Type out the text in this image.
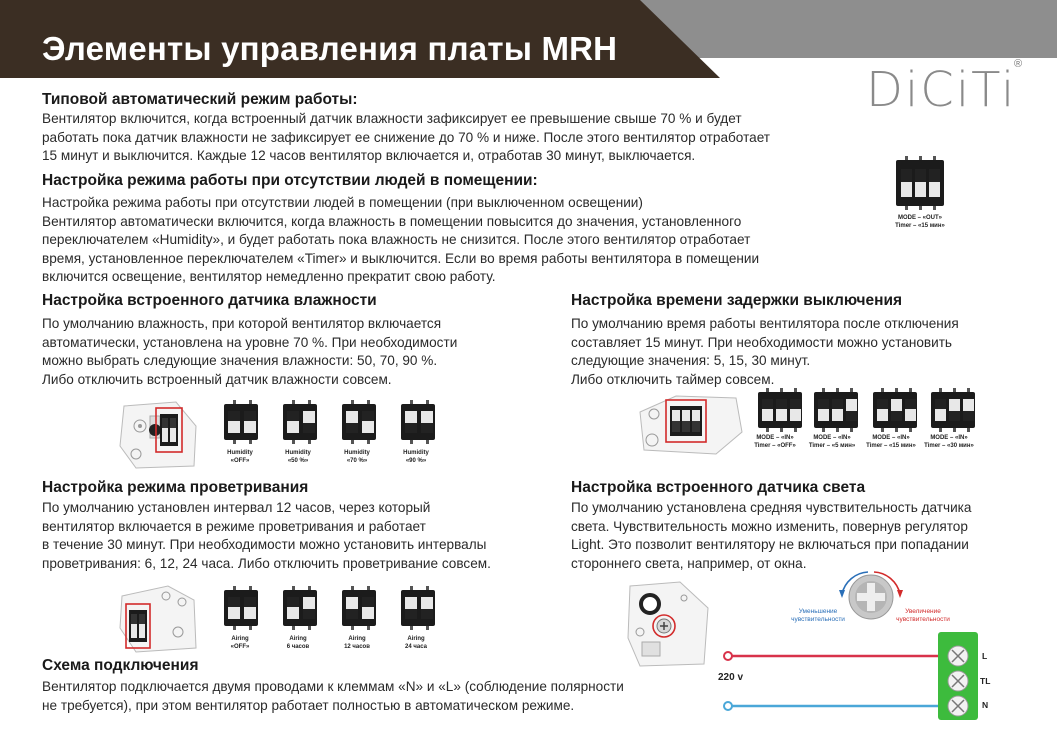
Элементы управления платы MRH
DiCiTi
®
Типовой автоматический режим работы:
Вентилятор включится, когда встроенный датчик влажности зафиксирует ее превышение свыше 70 % и будет
работать пока датчик влажности не зафиксирует ее снижение до 70 % и ниже. После этого вентилятор отработает
15 минут и выключится. Каждые 12 часов вентилятор включается и, отработав 30 минут, выключается.
Настройка режима работы при отсутствии людей в помещении:
Настройка режима работы при отсутствии людей в помещении (при выключенном освещении)
Вентилятор автоматически включится, когда влажность в помещении повысится до значения, установленного
переключателем «Humidity», и будет работать пока влажность не снизится. После этого вентилятор отработает
время, установленное переключателем «Timer» и выключится. Если во время работы вентилятора в помещении
включится освещение, вентилятор немедленно прекратит свою работу.
MODE – «OUT»
Timer – «15 мин»
Настройка встроенного датчика влажности
По умолчанию влажность, при которой вентилятор включается
автоматически, установлена на уровне 70 %. При необходимости
можно выбрать следующие значения влажности: 50, 70, 90 %.
Либо отключить встроенный датчик влажности совсем.
Humidity
«OFF»
Humidity
«50 %»
Humidity
«70 %»
Humidity
«90 %»
Настройка времени задержки выключения
По умолчанию время работы вентилятора после отключения
составляет 15 минут. При необходимости можно установить
следующие значения: 5, 15, 30 минут.
Либо отключить таймер совсем.
MODE – «IN»
Timer – «OFF»
MODE – «IN»
Timer – «5 мин»
MODE – «IN»
Timer – «15 мин»
MODE – «IN»
Timer – «30 мин»
Настройка режима проветривания
По умолчанию установлен интервал 12 часов, через который
вентилятор включается в режиме проветривания и работает
в течение 30 минут. При необходимости можно установить интервалы
проветривания: 6, 12, 24 часа. Либо отключить проветривание совсем.
Airing
«OFF»
Airing
6 часов
Airing
12 часов
Airing
24 часа
Настройка встроенного датчика света
По умолчанию установлена средняя чувствительность датчика
света. Чувствительность можно изменить, повернув регулятор
Light. Это позволит вентилятору не включаться при попадании
стороннего света, например, от окна.
Уменьшение
чувствительности
Увеличение
чувствительности
Схема подключения
Вентилятор подключается двумя проводами к клеммам «N» и «L» (соблюдение полярности
не требуется), при этом вентилятор работает полностью в автоматическом режиме.
220 v
L
TL
N
